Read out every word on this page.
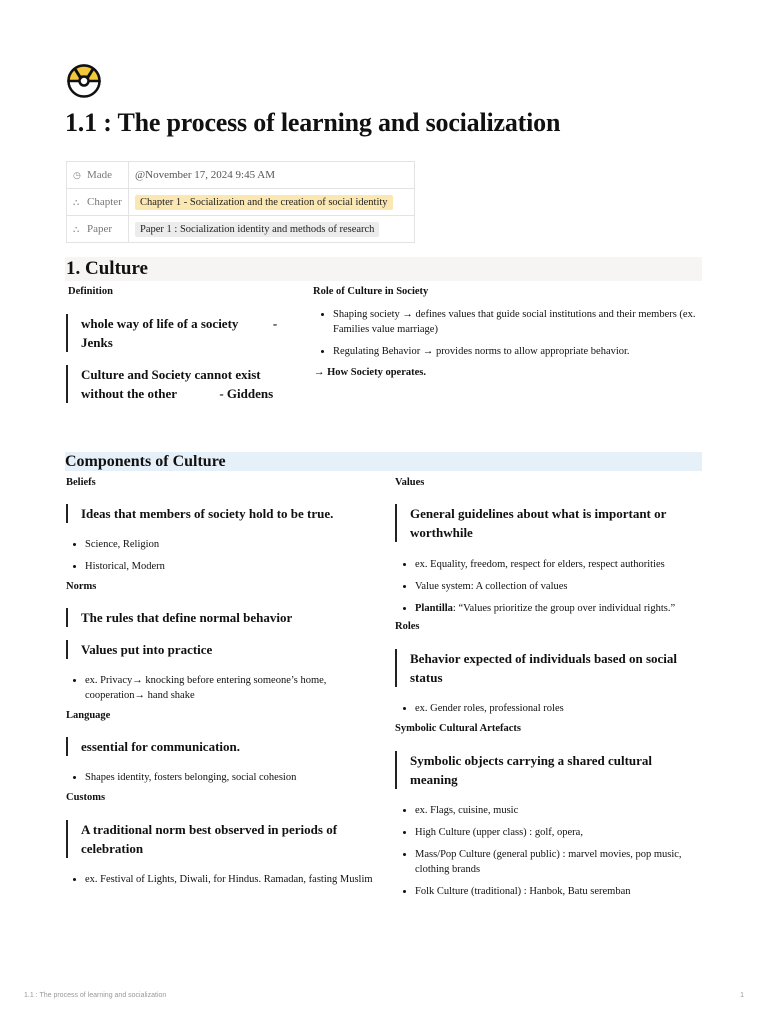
1.1 : The process of learning and socialization
◷ Made	@November 17, 2024 9:45 AM
⛬ Chapter	Chapter 1 - Socialization and the creation of social identity
⛬ Paper	Paper 1 : Socialization identity and methods of research
1. Culture
Definition
whole way of life of a society	- Jenks
Culture and Society cannot exist without the other	- Giddens
Role of Culture in Society
• Shaping society → defines values that guide social institutions and their members (ex. Families value marriage)
• Regulating Behavior → provides norms to allow appropriate behavior.
→ How Society operates.
Components of Culture
Beliefs
Ideas that members of society hold to be true.
• Science, Religion
• Historical, Modern
Norms
The rules that define normal behavior
Values put into practice
• ex. Privacy→ knocking before entering someone’s home, cooperation→ hand shake
Language
essential for communication.
• Shapes identity, fosters belonging, social cohesion
Customs
A traditional norm best observed in periods of celebration
• ex. Festival of Lights, Diwali, for Hindus. Ramadan, fasting Muslim
Values
General guidelines about what is important or worthwhile
• ex. Equality, freedom, respect for elders, respect authorities
• Value system: A collection of values
• Plantilla: “Values prioritize the group over individual rights.”
Roles
Behavior expected of individuals based on social status
• ex. Gender roles, professional roles
Symbolic Cultural Artefacts
Symbolic objects carrying a shared cultural meaning
• ex. Flags, cuisine, music
• High Culture (upper class) : golf, opera,
• Mass/Pop Culture (general public) : marvel movies, pop music, clothing brands
• Folk Culture (traditional) : Hanbok, Batu seremban
1.1 : The process of learning and socialization	1
